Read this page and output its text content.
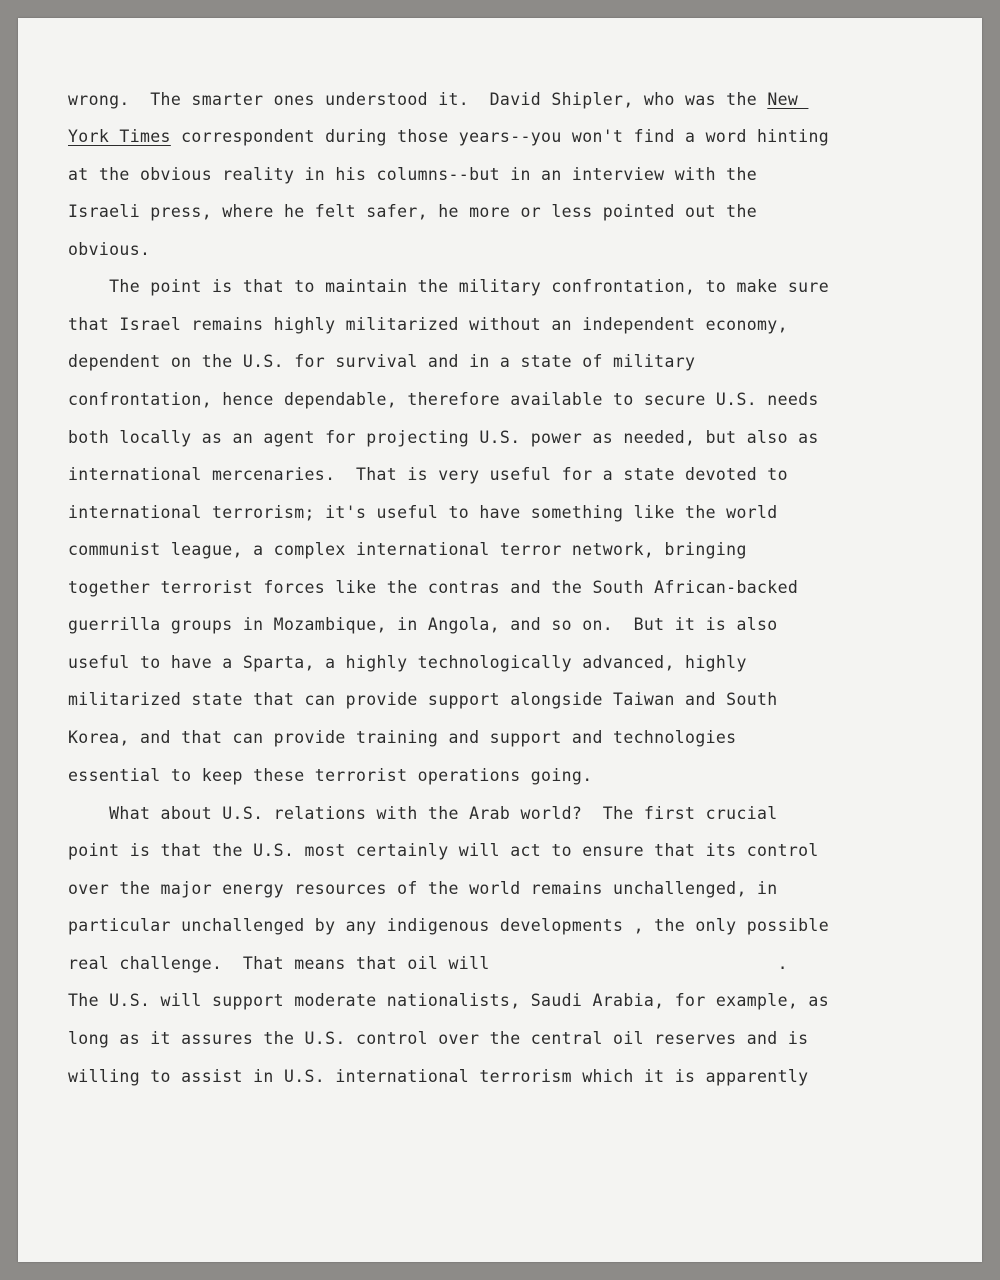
wrong.  The smarter ones understood it.  David Shipler, who was the New
York Times correspondent during those years--you won't find a word hinting
at the obvious reality in his columns--but in an interview with the
Israeli press, where he felt safer, he more or less pointed out the
obvious.
The point is that to maintain the military confrontation, to make sure
that Israel remains highly militarized without an independent economy,
dependent on the U.S. for survival and in a state of military
confrontation, hence dependable, therefore available to secure U.S. needs
both locally as an agent for projecting U.S. power as needed, but also as
international mercenaries.  That is very useful for a state devoted to
international terrorism; it's useful to have something like the world
communist league, a complex international terror network, bringing
together terrorist forces like the contras and the South African-backed
guerrilla groups in Mozambique, in Angola, and so on.  But it is also
useful to have a Sparta, a highly technologically advanced, highly
militarized state that can provide support alongside Taiwan and South
Korea, and that can provide training and support and technologies
essential to keep these terrorist operations going.
What about U.S. relations with the Arab world?  The first crucial
point is that the U.S. most certainly will act to ensure that its control
over the major energy resources of the world remains unchallenged, in
particular unchallenged by any indigenous developments , the only possible
real challenge.  That means that oil will                            .
The U.S. will support moderate nationalists, Saudi Arabia, for example, as
long as it assures the U.S. control over the central oil reserves and is
willing to assist in U.S. international terrorism which it is apparently
